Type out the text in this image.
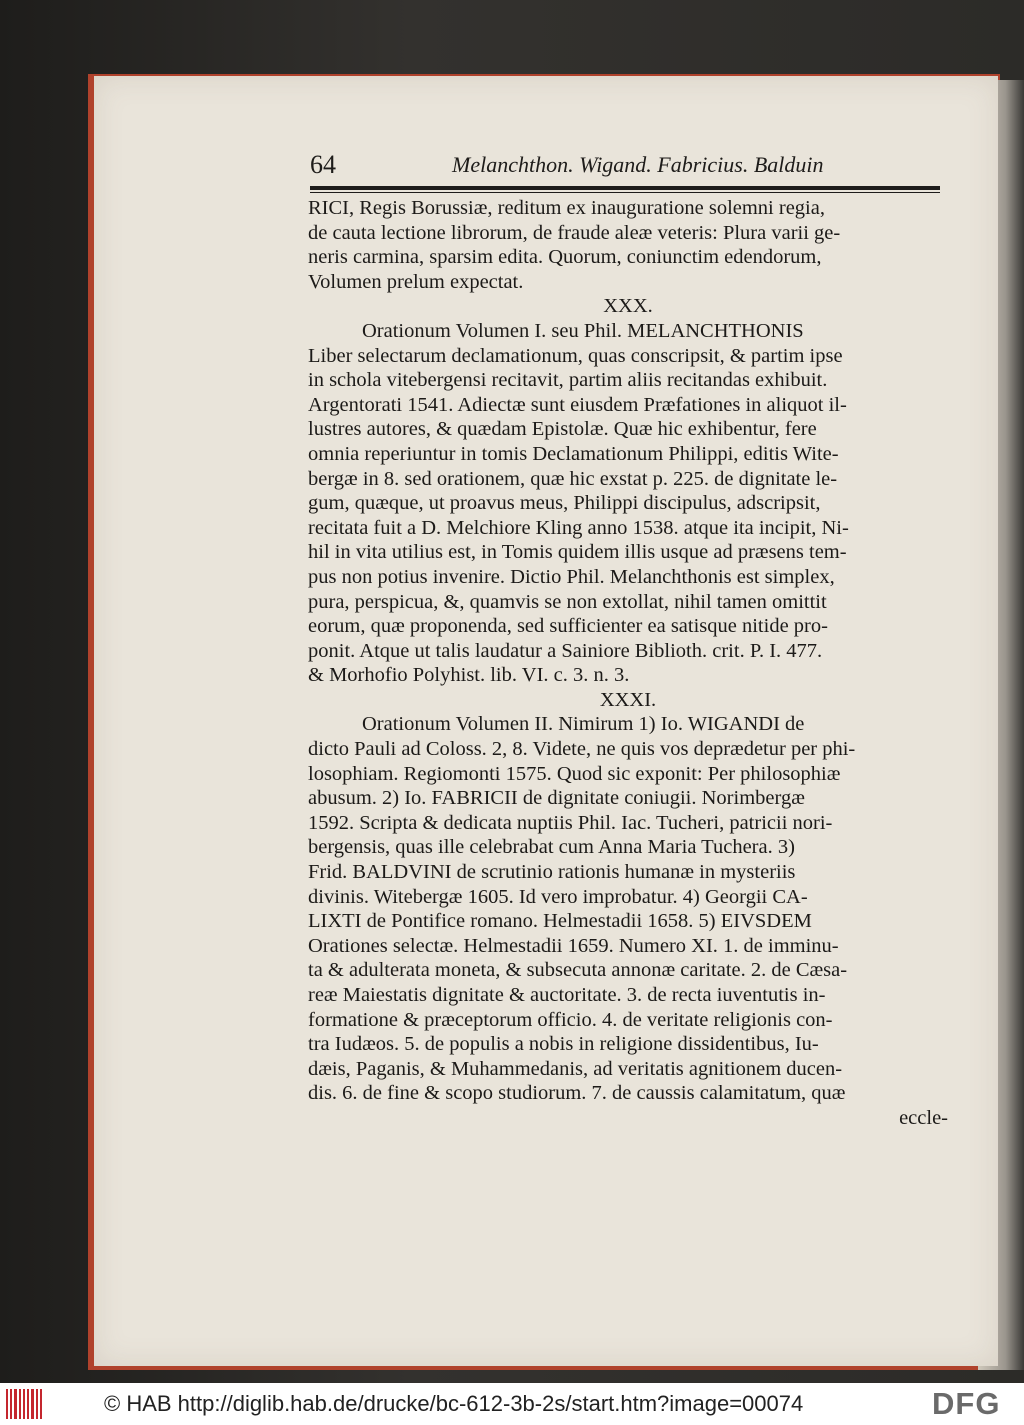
64	Melanchthon. Wigand. Fabricius. Balduin
RICI, Regis Borussiæ, reditum ex inauguratione solemni regia,
de cauta lectione librorum, de fraude aleæ veteris: Plura varii ge-
neris carmina, sparsim edita. Quorum, coniunctim edendorum,
Volumen prelum expectat.
XXX.
Orationum Volumen I. seu Phil. MELANCHTHONIS
Liber selectarum declamationum, quas conscripsit, & partim ipse
in schola vitebergensi recitavit, partim aliis recitandas exhibuit.
Argentorati 1541. Adiectæ sunt eiusdem Præfationes in aliquot il-
lustres autores, & quædam Epistolæ. Quæ hic exhibentur, fere
omnia reperiuntur in tomis Declamationum Philippi, editis Wite-
bergæ in 8. sed orationem, quæ hic exstat p. 225. de dignitate le-
gum, quæque, ut proavus meus, Philippi discipulus, adscripsit,
recitata fuit a D. Melchiore Kling anno 1538. atque ita incipit, Ni-
hil in vita utilius est, in Tomis quidem illis usque ad præsens tem-
pus non potius invenire. Dictio Phil. Melanchthonis est simplex,
pura, perspicua, &, quamvis se non extollat, nihil tamen omittit
eorum, quæ proponenda, sed sufficienter ea satisque nitide pro-
ponit. Atque ut talis laudatur a Sainiore Biblioth. crit. P. I. 477.
& Morhofio Polyhist. lib. VI. c. 3. n. 3.
XXXI.
Orationum Volumen II. Nimirum 1) Io. WIGANDI de
dicto Pauli ad Coloss. 2, 8. Videte, ne quis vos deprædetur per phi-
losophiam. Regiomonti 1575. Quod sic exponit: Per philosophiæ
abusum. 2) Io. FABRICII de dignitate coniugii. Norimbergæ
1592. Scripta & dedicata nuptiis Phil. Iac. Tucheri, patricii nori-
bergensis, quas ille celebrabat cum Anna Maria Tuchera. 3)
Frid. BALDVINI de scrutinio rationis humanæ in mysteriis
divinis. Witebergæ 1605. Id vero improbatur. 4) Georgii CA-
LIXTI de Pontifice romano. Helmestadii 1658. 5) EIVSDEM
Orationes selectæ. Helmestadii 1659. Numero XI. 1. de imminu-
ta & adulterata moneta, & subsecuta annonæ caritate. 2. de Cæsa-
reæ Maiestatis dignitate & auctoritate. 3. de recta iuventutis in-
formatione & præceptorum officio. 4. de veritate religionis con-
tra Iudæos. 5. de populis a nobis in religione dissidentibus, Iu-
dæis, Paganis, & Muhammedanis, ad veritatis agnitionem ducen-
dis. 6. de fine & scopo studiorum. 7. de caussis calamitatum, quæ
eccle-
© HAB http://diglib.hab.de/drucke/bc-612-3b-2s/start.htm?image=00074	DFG
